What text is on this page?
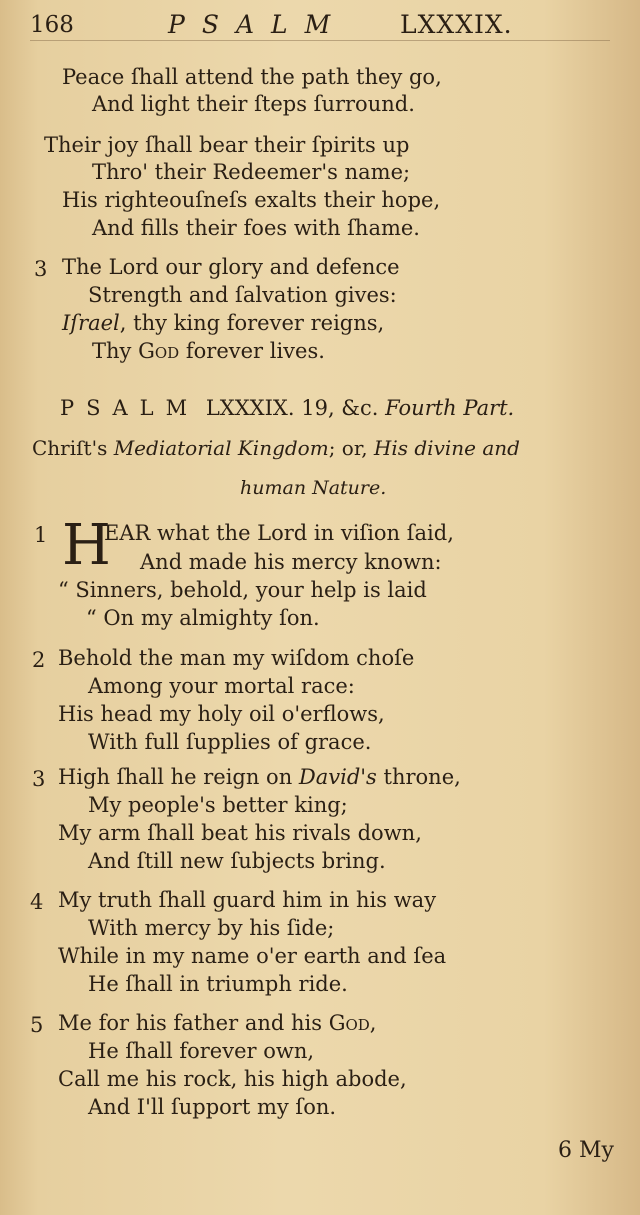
168	PSALM LXXXIX.
Peace ſhall attend the path they go,
And light their ſteps ſurround.
Their joy ſhall bear their ſpirits up
Thro' their Redeemer's name;
His righteouſneſs exalts their hope,
And fills their foes with ſhame.
3 The Lord our glory and defence
Strength and ſalvation gives:
Iſrael, thy king forever reigns,
Thy God forever lives.
PSALM LXXXIX. 19, &c. Fourth Part.
Chriſt's Mediatorial Kingdom; or, His divine and
human Nature.
1 H
EAR what the Lord in viſion ſaid,
And made his mercy known:
“ Sinners, behold, your help is laid
“ On my almighty ſon.
2 Behold the man my wiſdom choſe
Among your mortal race:
His head my holy oil o'erflows,
With full ſupplies of grace.
3 High ſhall he reign on David's throne,
My people's better king;
My arm ſhall beat his rivals down,
And ſtill new ſubjects bring.
4 My truth ſhall guard him in his way
With mercy by his ſide;
While in my name o'er earth and ſea
He ſhall in triumph ride.
5 Me for his father and his God,
He ſhall forever own,
Call me his rock, his high abode,
And I'll ſupport my ſon.
6 My
